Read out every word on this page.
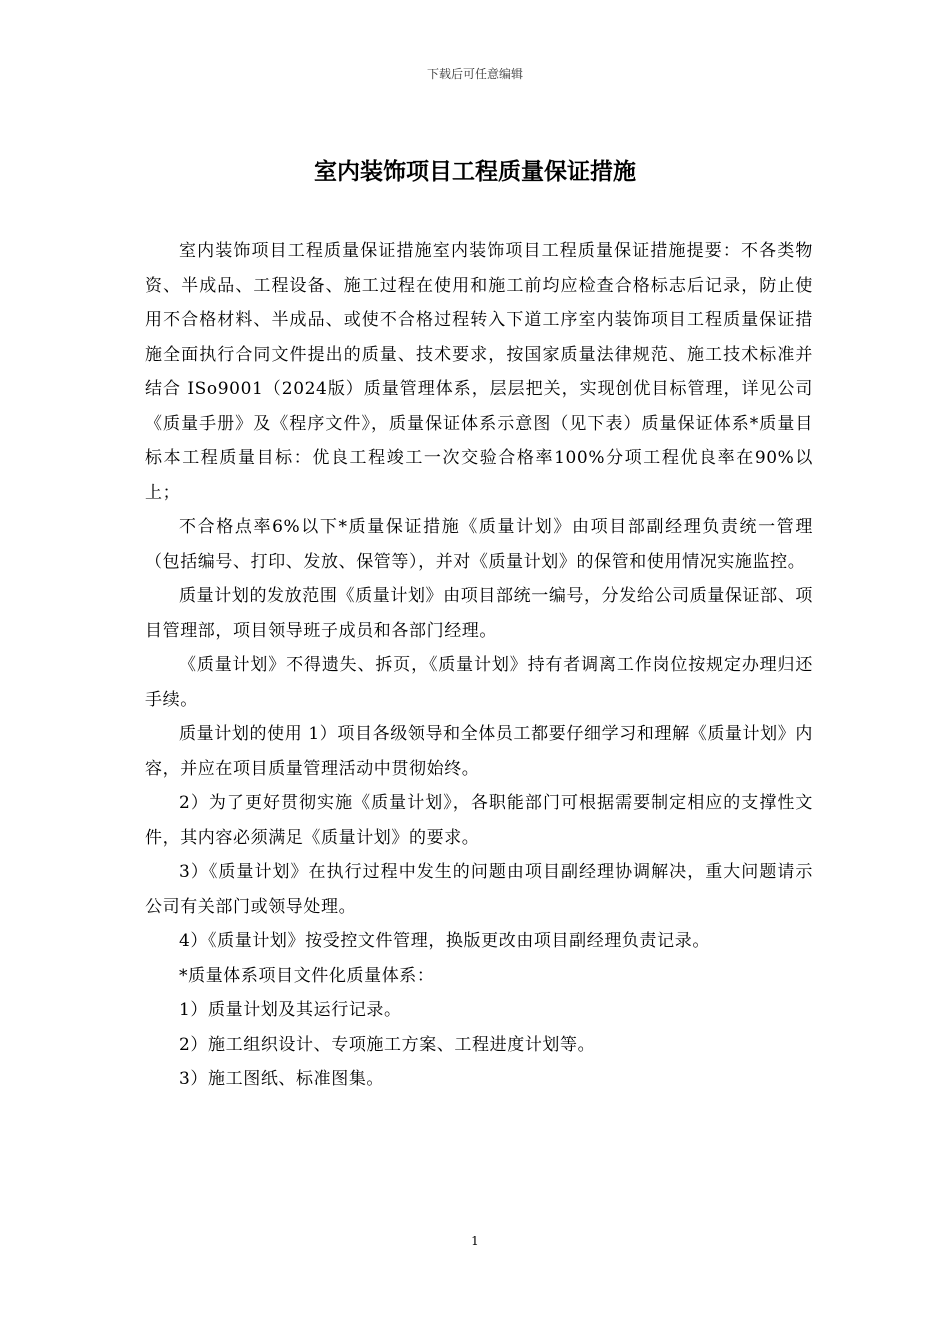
下载后可任意编辑
室内装饰项目工程质量保证措施

室内装饰项目工程质量保证措施室内装饰项目工程质量保证措施提要：不各类物资、半成品、工程设备、施工过程在使用和施工前均应检查合格标志后记录，防止使用不合格材料、半成品、或使不合格过程转入下道工序室内装饰项目工程质量保证措施全面执行合同文件提出的质量、技术要求，按国家质量法律规范、施工技术标准并结合 ISo9001（2024版）质量管理体系，层层把关，实现创优目标管理，详见公司《质量手册》及《程序文件》，质量保证体系示意图（见下表）质量保证体系*质量目标本工程质量目标：优良工程竣工一次交验合格率100%分项工程优良率在90%以上；

不合格点率6%以下*质量保证措施《质量计划》由项目部副经理负责统一管理（包括编号、打印、发放、保管等），并对《质量计划》的保管和使用情况实施监控。

质量计划的发放范围《质量计划》由项目部统一编号，分发给公司质量保证部、项目管理部，项目领导班子成员和各部门经理。

《质量计划》不得遗失、拆页，《质量计划》持有者调离工作岗位按规定办理归还手续。

质量计划的使用 1）项目各级领导和全体员工都要仔细学习和理解《质量计划》内容，并应在项目质量管理活动中贯彻始终。

2）为了更好贯彻实施《质量计划》，各职能部门可根据需要制定相应的支撑性文件，其内容必须满足《质量计划》的要求。

3）《质量计划》在执行过程中发生的问题由项目副经理协调解决，重大问题请示公司有关部门或领导处理。

4）《质量计划》按受控文件管理，换版更改由项目副经理负责记录。

*质量体系项目文件化质量体系：

1）质量计划及其运行记录。

2）施工组织设计、专项施工方案、工程进度计划等。

3）施工图纸、标准图集。

1
